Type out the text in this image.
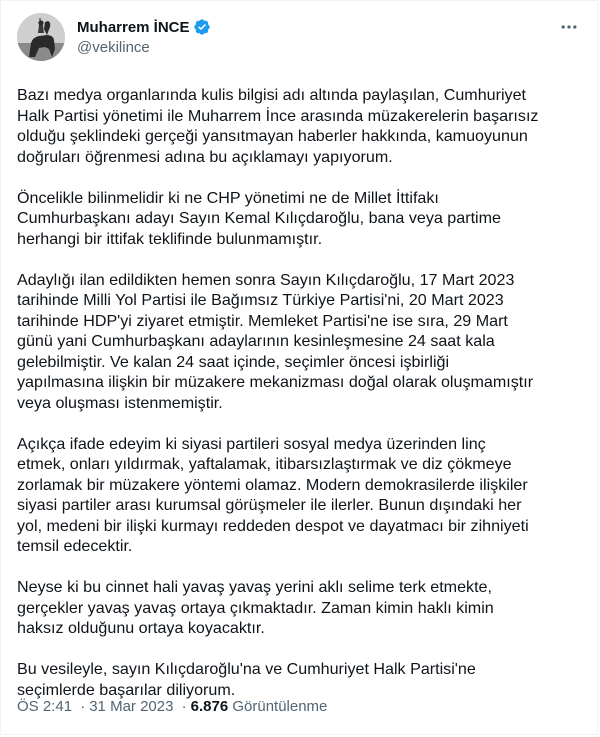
Muharrem İNCE
@vekilince

Bazı medya organlarında kulis bilgisi adı altında paylaşılan, Cumhuriyet
Halk Partisi yönetimi ile Muharrem İnce arasında müzakerelerin başarısız
olduğu şeklindeki gerçeği yansıtmayan haberler hakkında, kamuoyunun
doğruları öğrenmesi adına bu açıklamayı yapıyorum.

Öncelikle bilinmelidir ki ne CHP yönetimi ne de Millet İttifakı
Cumhurbaşkanı adayı Sayın Kemal Kılıçdaroğlu, bana veya partime
herhangi bir ittifak teklifinde bulunmamıştır.

Adaylığı ilan edildikten hemen sonra Sayın Kılıçdaroğlu, 17 Mart 2023
tarihinde Milli Yol Partisi ile Bağımsız Türkiye Partisi'ni, 20 Mart 2023
tarihinde HDP'yi ziyaret etmiştir. Memleket Partisi'ne ise sıra, 29 Mart
günü yani Cumhurbaşkanı adaylarının kesinleşmesine 24 saat kala
gelebilmiştir. Ve kalan 24 saat içinde, seçimler öncesi işbirliği
yapılmasına ilişkin bir müzakere mekanizması doğal olarak oluşmamıştır
veya oluşması istenmemiştir.

Açıkça ifade edeyim ki siyasi partileri sosyal medya üzerinden linç
etmek, onları yıldırmak, yaftalamak, itibarsızlaştırmak ve diz çökmeye
zorlamak bir müzakere yöntemi olamaz. Modern demokrasilerde ilişkiler
siyasi partiler arası kurumsal görüşmeler ile ilerler. Bunun dışındaki her
yol, medeni bir ilişki kurmayı reddeden despot ve dayatmacı bir zihniyeti
temsil edecektir.

Neyse ki bu cinnet hali yavaş yavaş yerini aklı selime terk etmekte,
gerçekler yavaş yavaş ortaya çıkmaktadır. Zaman kimin haklı kimin
haksız olduğunu ortaya koyacaktır.

Bu vesileyle, sayın Kılıçdaroğlu'na ve Cumhuriyet Halk Partisi'ne
seçimlerde başarılar diliyorum.

ÖS 2:41 · 31 Mar 2023 · 6.876 Görüntülenme
